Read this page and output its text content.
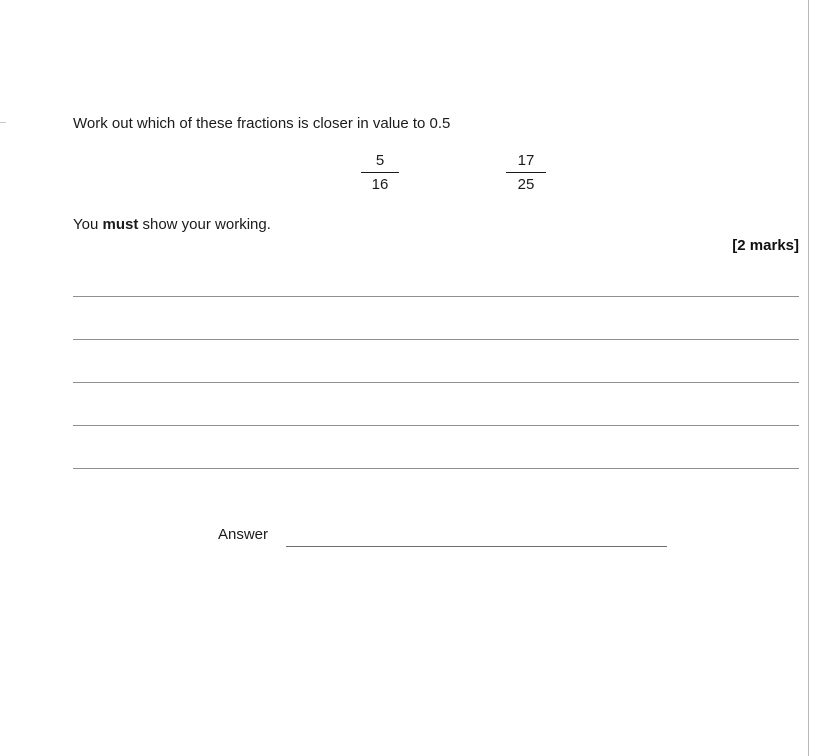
Work out which of these fractions is closer in value to 0.5
5
16
17
25
You must show your working.
[2 marks]
Answer
